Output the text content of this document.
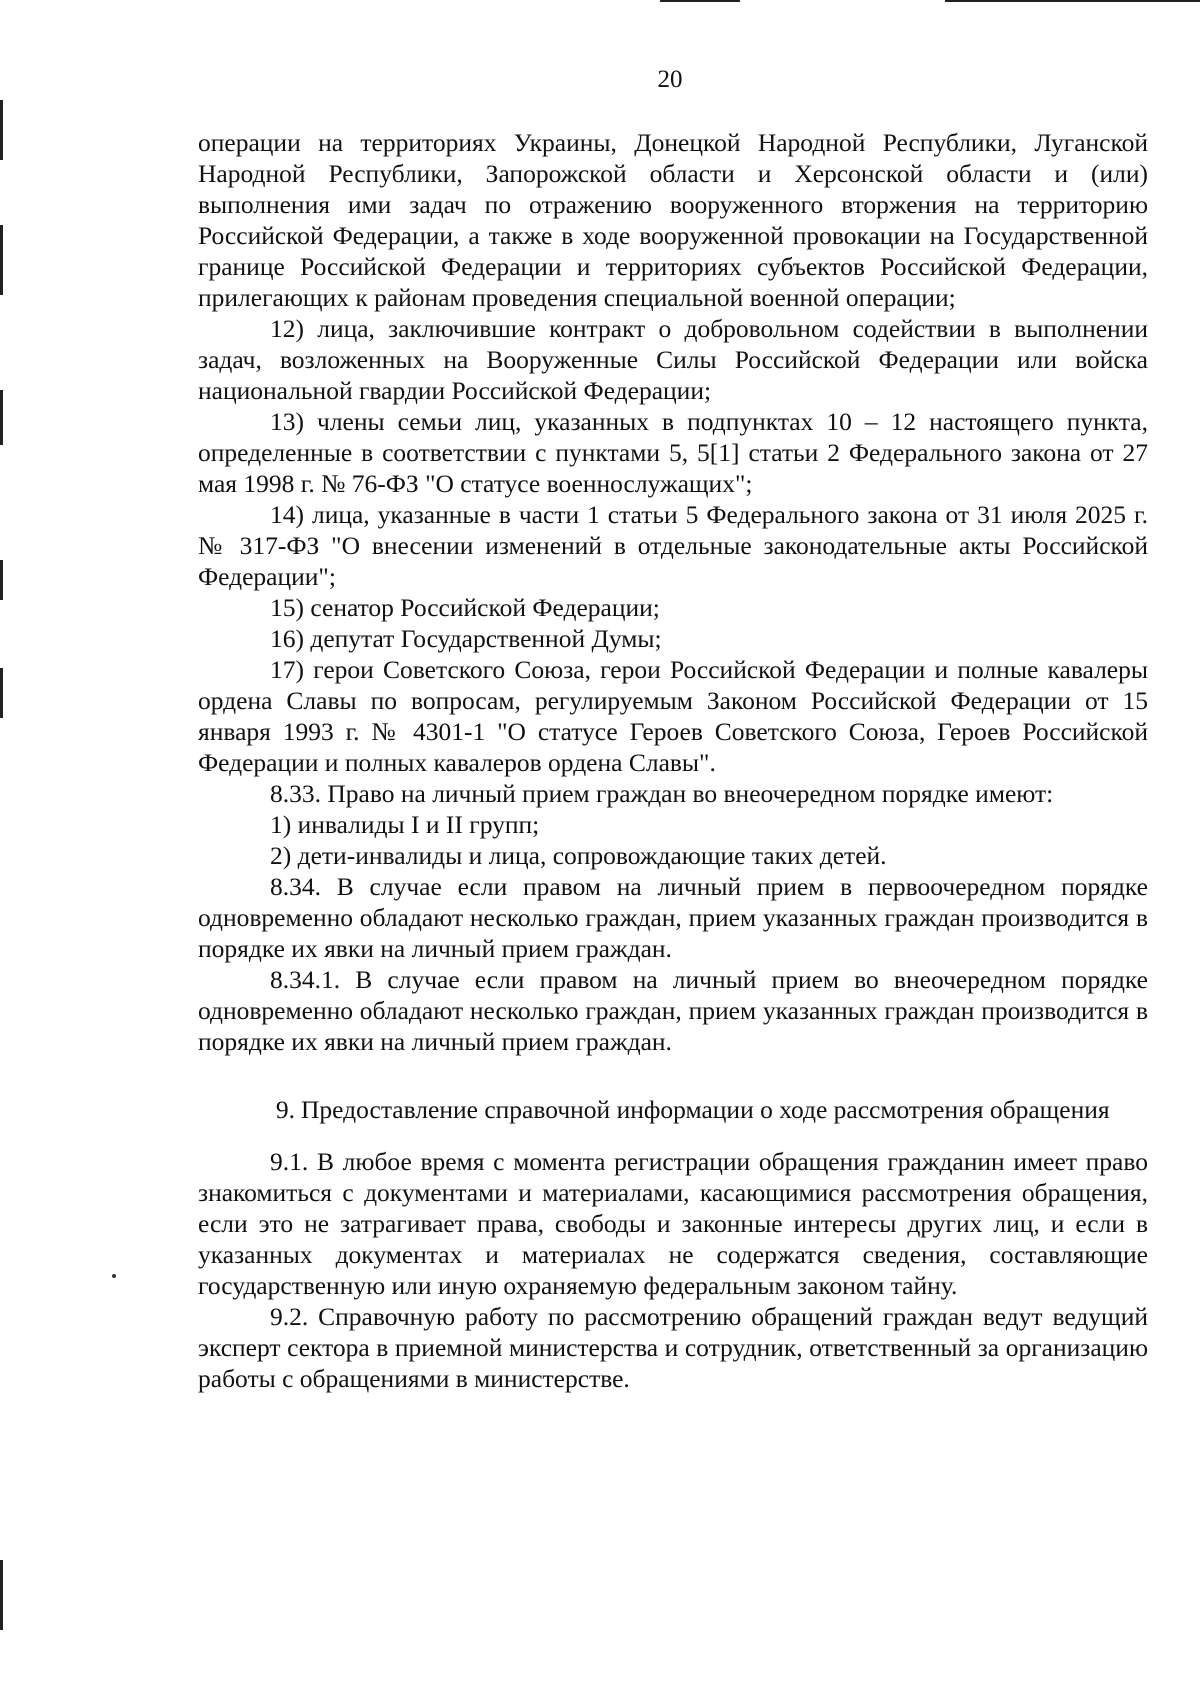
20

операции на территориях Украины, Донецкой Народной Республики, Луганской Народной Республики, Запорожской области и Херсонской области и (или) выполнения ими задач по отражению вооруженного вторжения на территорию Российской Федерации, а также в ходе вооруженной провокации на Государственной границе Российской Федерации и территориях субъектов Российской Федерации, прилегающих к районам проведения специальной военной операции;

12) лица, заключившие контракт о добровольном содействии в выполнении задач, возложенных на Вооруженные Силы Российской Федерации или войска национальной гвардии Российской Федерации;

13) члены семьи лиц, указанных в подпунктах 10 – 12 настоящего пункта, определенные в соответствии с пунктами 5, 5[1] статьи 2 Федерального закона от 27 мая 1998 г. № 76-ФЗ "О статусе военнослужащих";

14) лица, указанные в части 1 статьи 5 Федерального закона от 31 июля 2025 г. № 317-ФЗ "О внесении изменений в отдельные законодательные акты Российской Федерации";

15) сенатор Российской Федерации;

16) депутат Государственной Думы;

17) герои Советского Союза, герои Российской Федерации и полные кавалеры ордена Славы по вопросам, регулируемым Законом Российской Федерации от 15 января 1993 г. № 4301-1 "О статусе Героев Советского Союза, Героев Российской Федерации и полных кавалеров ордена Славы".

8.33. Право на личный прием граждан во внеочередном порядке имеют:

1) инвалиды I и II групп;

2) дети-инвалиды и лица, сопровождающие таких детей.

8.34. В случае если правом на личный прием в первоочередном порядке одновременно обладают несколько граждан, прием указанных граждан производится в порядке их явки на личный прием граждан.

8.34.1. В случае если правом на личный прием во внеочередном порядке одновременно обладают несколько граждан, прием указанных граждан производится в порядке их явки на личный прием граждан.

9. Предоставление справочной информации о ходе рассмотрения обращения

9.1. В любое время с момента регистрации обращения гражданин имеет право знакомиться с документами и материалами, касающимися рассмотрения обращения, если это не затрагивает права, свободы и законные интересы других лиц, и если в указанных документах и материалах не содержатся сведения, составляющие государственную или иную охраняемую федеральным законом тайну.

9.2. Справочную работу по рассмотрению обращений граждан ведут ведущий эксперт сектора в приемной министерства и сотрудник, ответственный за организацию работы с обращениями в министерстве.
